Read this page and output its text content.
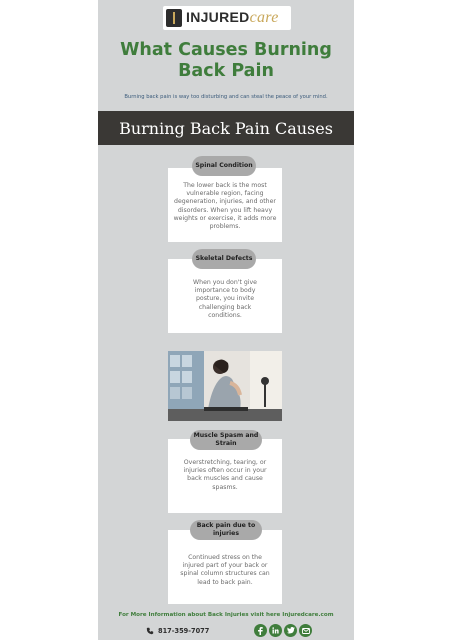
INJUREDcare
What Causes Burning Back Pain
Burning back pain is way too disturbing and can steal the peace of your mind.
Burning Back Pain Causes
The lower back is the most vulnerable region, facing degeneration, injuries, and other disorders. When you lift heavy weights or exercise, it adds more problems.
Spinal Condition
When you don't give importance to body posture, you invite challenging back conditions.
Skeletal Defects
Overstretching, tearing, or injuries often occur in your back muscles and cause spasms.
Muscle Spasm and Strain
Continued stress on the injured part of your back or spinal column structures can lead to back pain.
Back pain due to injuries
For More Information about Back Injuries visit here Injuredcare.com
817-359-7077
